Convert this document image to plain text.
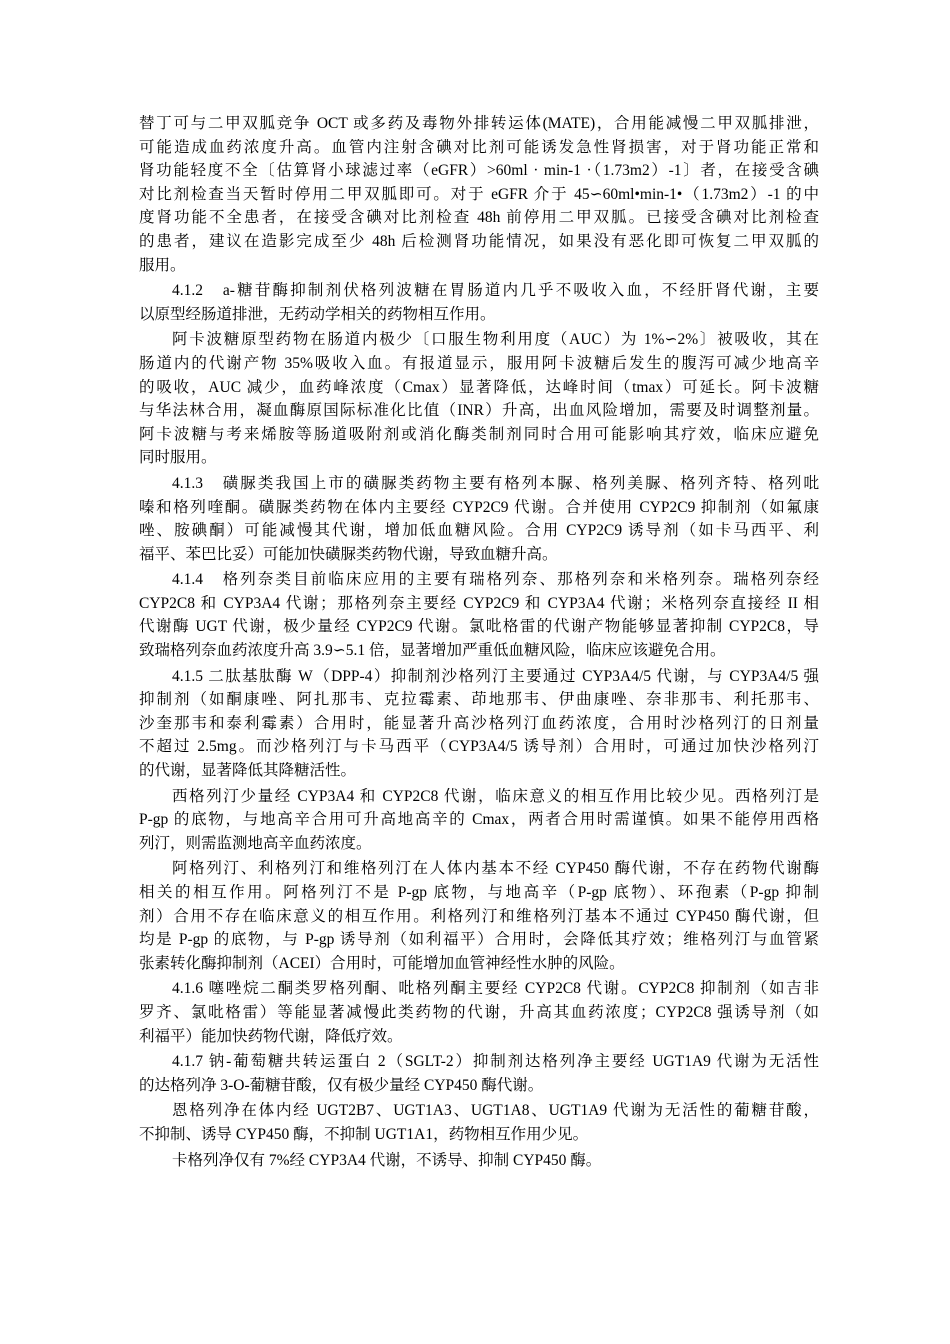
替丁可与二甲双胍竞争 OCT 或多药及毒物外排转运体(MATE)，合用能减慢二甲双胍排泄，
可能造成血药浓度升高。血管内注射含碘对比剂可能诱发急性肾损害，对于肾功能正常和
肾功能轻度不全〔估算肾小球滤过率（eGFR）>60ml · min-1 ·（1.73m2）-1〕者，在接受含碘
对比剂检查当天暂时停用二甲双胍即可。对于 eGFR 介于 45∽60ml•min-1•（1.73m2）-1 的中
度肾功能不全患者，在接受含碘对比剂检查 48h 前停用二甲双胍。已接受含碘对比剂检查
的患者，建议在造影完成至少 48h 后检测肾功能情况，如果没有恶化即可恢复二甲双胍的
服用。
4.1.2　a-糖苷酶抑制剂伏格列波糖在胃肠道内几乎不吸收入血，不经肝肾代谢，主要
以原型经肠道排泄，无药动学相关的药物相互作用。
阿卡波糖原型药物在肠道内极少〔口服生物利用度（AUC）为 1%∽2%〕被吸收，其在
肠道内的代谢产物 35%吸收入血。有报道显示，服用阿卡波糖后发生的腹泻可减少地高辛
的吸收，AUC 减少，血药峰浓度（Cmax）显著降低，达峰时间（tmax）可延长。阿卡波糖
与华法林合用，凝血酶原国际标准化比值（INR）升高，出血风险增加，需要及时调整剂量。
阿卡波糖与考来烯胺等肠道吸附剂或消化酶类制剂同时合用可能影响其疗效，临床应避免
同时服用。
4.1.3　磺脲类我国上市的磺脲类药物主要有格列本脲、格列美脲、格列齐特、格列吡
嗪和格列喹酮。磺脲类药物在体内主要经 CYP2C9 代谢。合并使用 CYP2C9 抑制剂（如氟康
唑、胺碘酮）可能减慢其代谢，增加低血糖风险。合用 CYP2C9 诱导剂（如卡马西平、利
福平、苯巴比妥）可能加快磺脲类药物代谢，导致血糖升高。
4.1.4　格列奈类目前临床应用的主要有瑞格列奈、那格列奈和米格列奈。瑞格列奈经
CYP2C8 和 CYP3A4 代谢；那格列奈主要经 CYP2C9 和 CYP3A4 代谢；米格列奈直接经 II 相
代谢酶 UGT 代谢，极少量经 CYP2C9 代谢。氯吡格雷的代谢产物能够显著抑制 CYP2C8，导
致瑞格列奈血药浓度升高 3.9∽5.1 倍，显著增加严重低血糖风险，临床应该避免合用。
4.1.5 二肽基肽酶 W（DPP-4）抑制剂沙格列汀主要通过 CYP3A4/5 代谢，与 CYP3A4/5 强
抑制剂（如酮康唑、阿扎那韦、克拉霉素、茚地那韦、伊曲康唑、奈非那韦、利托那韦、
沙奎那韦和泰利霉素）合用时，能显著升高沙格列汀血药浓度，合用时沙格列汀的日剂量
不超过 2.5mg。而沙格列汀与卡马西平（CYP3A4/5 诱导剂）合用时，可通过加快沙格列汀
的代谢，显著降低其降糖活性。
西格列汀少量经 CYP3A4 和 CYP2C8 代谢，临床意义的相互作用比较少见。西格列汀是
P-gp 的底物，与地高辛合用可升高地高辛的 Cmax，两者合用时需谨慎。如果不能停用西格
列汀，则需监测地高辛血药浓度。
阿格列汀、利格列汀和维格列汀在人体内基本不经 CYP450 酶代谢，不存在药物代谢酶
相关的相互作用。阿格列汀不是 P-gp 底物，与地高辛（P-gp 底物）、环孢素（P-gp 抑制
剂）合用不存在临床意义的相互作用。利格列汀和维格列汀基本不通过 CYP450 酶代谢，但
均是 P-gp 的底物，与 P-gp 诱导剂（如利福平）合用时，会降低其疗效；维格列汀与血管紧
张素转化酶抑制剂（ACEI）合用时，可能增加血管神经性水肿的风险。
4.1.6 噻唑烷二酮类罗格列酮、吡格列酮主要经 CYP2C8 代谢。CYP2C8 抑制剂（如吉非
罗齐、氯吡格雷）等能显著减慢此类药物的代谢，升高其血药浓度；CYP2C8 强诱导剂（如
利福平）能加快药物代谢，降低疗效。
4.1.7 钠-葡萄糖共转运蛋白 2（SGLT-2）抑制剂达格列净主要经 UGT1A9 代谢为无活性
的达格列净 3-O-葡糖苷酸，仅有极少量经 CYP450 酶代谢。
恩格列净在体内经 UGT2B7、UGT1A3、UGT1A8、UGT1A9 代谢为无活性的葡糖苷酸，
不抑制、诱导 CYP450 酶，不抑制 UGT1A1，药物相互作用少见。
卡格列净仅有 7%经 CYP3A4 代谢，不诱导、抑制 CYP450 酶。
